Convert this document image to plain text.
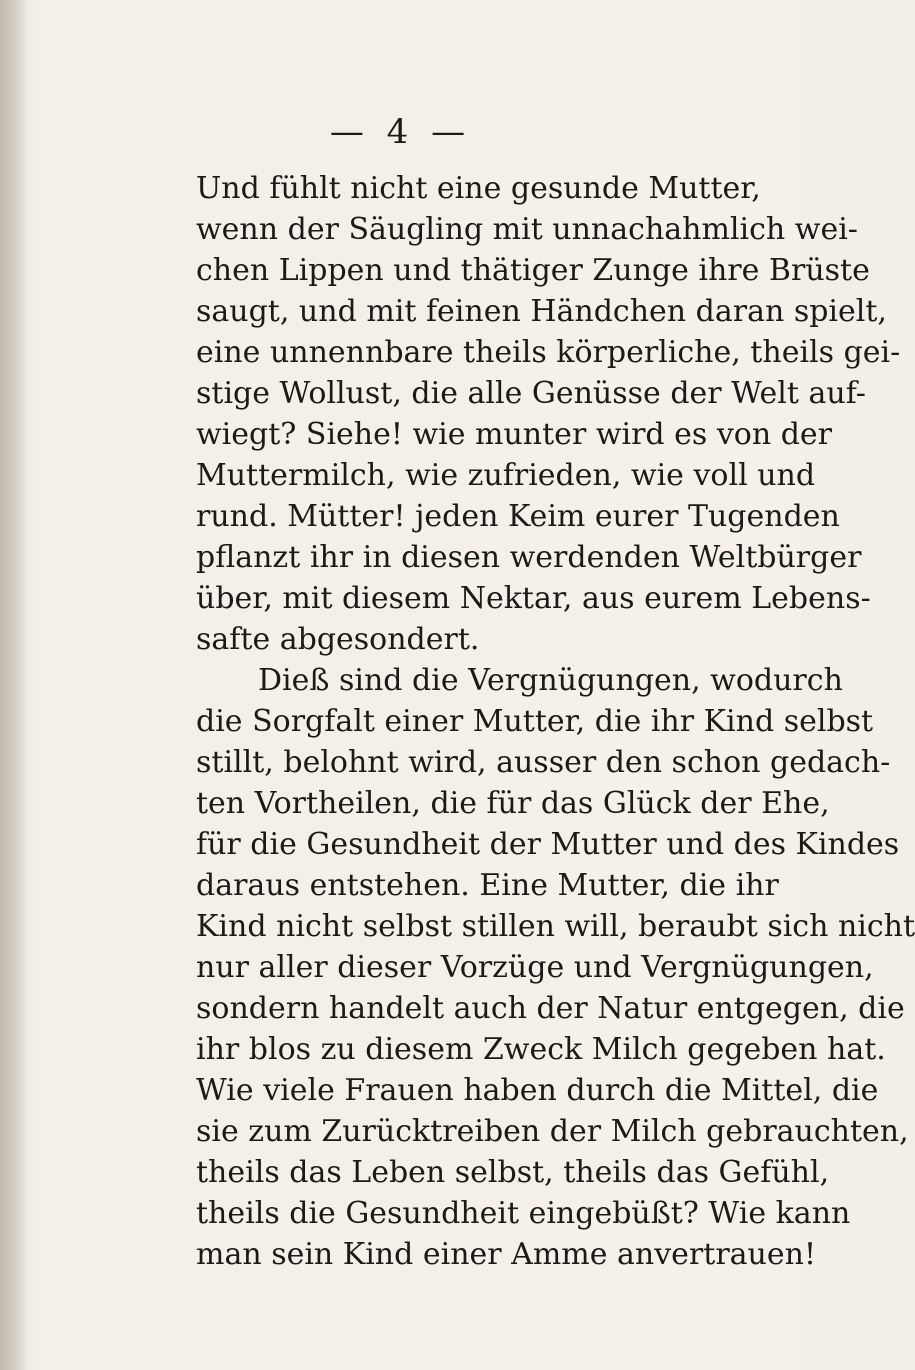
— 4 —
Und fühlt nicht eine gesunde Mutter,
wenn der Säugling mit unnachahmlich wei-
chen Lippen und thätiger Zunge ihre Brüste
saugt, und mit feinen Händchen daran spielt,
eine unnennbare theils körperliche, theils gei-
stige Wollust, die alle Genüsse der Welt auf-
wiegt? Siehe! wie munter wird es von der
Muttermilch, wie zufrieden, wie voll und
rund. Mütter! jeden Keim eurer Tugenden
pflanzt ihr in diesen werdenden Weltbürger
über, mit diesem Nektar, aus eurem Lebens-
safte abgesondert.
Dieß sind die Vergnügungen, wodurch
die Sorgfalt einer Mutter, die ihr Kind selbst
stillt, belohnt wird, ausser den schon gedach-
ten Vortheilen, die für das Glück der Ehe,
für die Gesundheit der Mutter und des Kindes
daraus entstehen. Eine Mutter, die ihr
Kind nicht selbst stillen will, beraubt sich nicht
nur aller dieser Vorzüge und Vergnügungen,
sondern handelt auch der Natur entgegen, die
ihr blos zu diesem Zweck Milch gegeben hat.
Wie viele Frauen haben durch die Mittel, die
sie zum Zurücktreiben der Milch gebrauchten,
theils das Leben selbst, theils das Gefühl,
theils die Gesundheit eingebüßt? Wie kann
man sein Kind einer Amme anvertrauen!
